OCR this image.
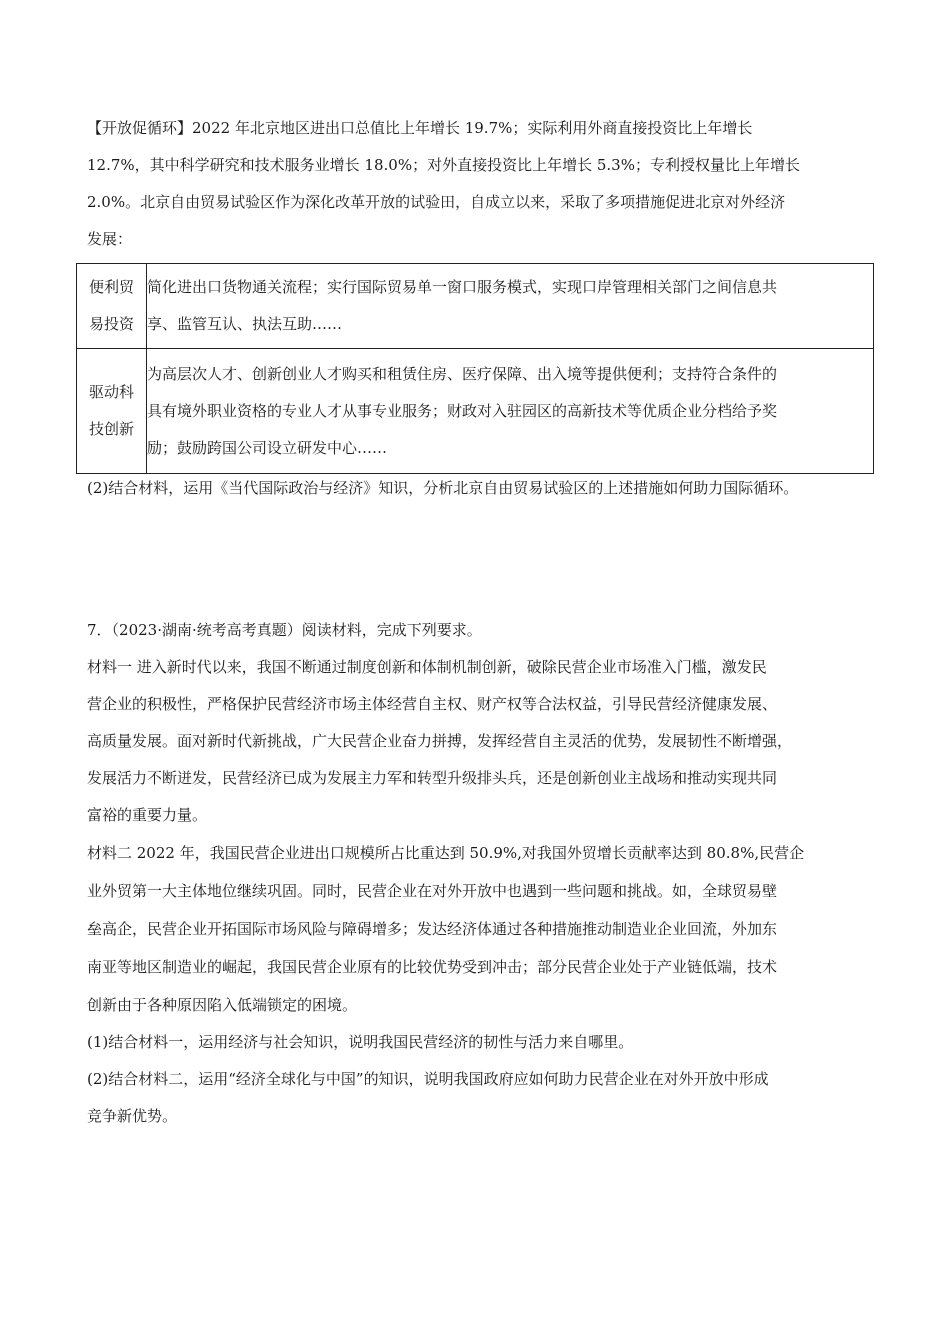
【开放促循环】2022 年北京地区进出口总值比上年增长 19.7%；实际利用外商直接投资比上年增长
12.7%，其中科学研究和技术服务业增长 18.0%；对外直接投资比上年增长 5.3%；专利授权量比上年增长
2.0%。北京自由贸易试验区作为深化改革开放的试验田，自成立以来，采取了多项措施促进北京对外经济
发展：
便利贸
易投资	简化进出口货物通关流程；实行国际贸易单一窗口服务模式，实现口岸管理相关部门之间信息共
享、监管互认、执法互助……

驱动科
技创新	为高层次人才、创新创业人才购买和租赁住房、医疗保障、出入境等提供便利；支持符合条件的
具有境外职业资格的专业人才从事专业服务；财政对入驻园区的高新技术等优质企业分档给予奖
励；鼓励跨国公司设立研发中心……
(2)结合材料，运用《当代国际政治与经济》知识，分析北京自由贸易试验区的上述措施如何助力国际循环。
7．（2023·湖南·统考高考真题）阅读材料，完成下列要求。
材料一 进入新时代以来，我国不断通过制度创新和体制机制创新，破除民营企业市场准入门槛，激发民
营企业的积极性，严格保护民营经济市场主体经营自主权、财产权等合法权益，引导民营经济健康发展、
高质量发展。面对新时代新挑战，广大民营企业奋力拼搏，发挥经营自主灵活的优势，发展韧性不断增强，
发展活力不断迸发，民营经济已成为发展主力军和转型升级排头兵，还是创新创业主战场和推动实现共同
富裕的重要力量。
材料二 2022 年，我国民营企业进出口规模所占比重达到 50.9%,对我国外贸增长贡献率达到 80.8%,民营企
业外贸第一大主体地位继续巩固。同时，民营企业在对外开放中也遇到一些问题和挑战。如，全球贸易壁
垒高企，民营企业开拓国际市场风险与障碍增多；发达经济体通过各种措施推动制造业企业回流，外加东
南亚等地区制造业的崛起，我国民营企业原有的比较优势受到冲击；部分民营企业处于产业链低端，技术
创新由于各种原因陷入低端锁定的困境。
(1)结合材料一，运用经济与社会知识，说明我国民营经济的韧性与活力来自哪里。
(2)结合材料二，运用“经济全球化与中国”的知识，说明我国政府应如何助力民营企业在对外开放中形成
竞争新优势。
